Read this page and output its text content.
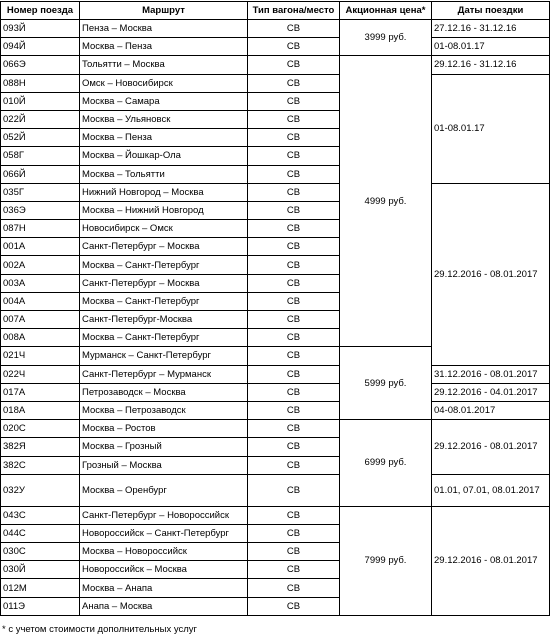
Номер поезда	Маршрут	Тип вагона/место	Акционная цена*	Даты поездки
093Й	Пенза – Москва	СВ	3999 руб.	27.12.16 - 31.12.16
094Й	Москва – Пенза	СВ		01-08.01.17
066Э	Тольятти – Москва	СВ	4999 руб.	29.12.16 - 31.12.16
088Н	Омск – Новосибирск	СВ		01-08.01.17
010Й	Москва – Самара	СВ		
022Й	Москва – Ульяновск	СВ		
052Й	Москва – Пенза	СВ		
058Г	Москва – Йошкар-Ола	СВ		
066Й	Москва – Тольятти	СВ		
035Г	Нижний Новгород – Москва	СВ		29.12.2016 - 08.01.2017
036Э	Москва – Нижний Новгород	СВ		
087Н	Новосибирск – Омск	СВ		
001А	Санкт-Петербург – Москва	СВ		
002А	Москва – Санкт-Петербург	СВ		
003А	Санкт-Петербург – Москва	СВ		
004А	Москва – Санкт-Петербург	СВ		
007А	Санкт-Петербург-Москва	СВ		
008А	Москва – Санкт-Петербург	СВ		
021Ч	Мурманск – Санкт-Петербург	СВ	5999 руб.	
022Ч	Санкт-Петербург – Мурманск	СВ		31.12.2016 - 08.01.2017
017А	Петрозаводск – Москва	СВ		29.12.2016 - 04.01.2017
018А	Москва – Петрозаводск	СВ		04-08.01.2017
020С	Москва – Ростов	СВ	6999 руб.	29.12.2016 - 08.01.2017
382Я	Москва – Грозный	СВ		
382С	Грозный – Москва	СВ		
032У	Москва – Оренбург	СВ		01.01, 07.01, 08.01.2017
043С	Санкт-Петербург – Новороссийск	СВ	7999 руб.	29.12.2016 - 08.01.2017
044С	Новороссийск – Санкт-Петербург	СВ		
030С	Москва – Новороссийск	СВ		
030Й	Новороссийск – Москва	СВ		
012М	Москва – Анапа	СВ		
011Э	Анапа – Москва	СВ		
* с учетом стоимости дополнительных услуг
